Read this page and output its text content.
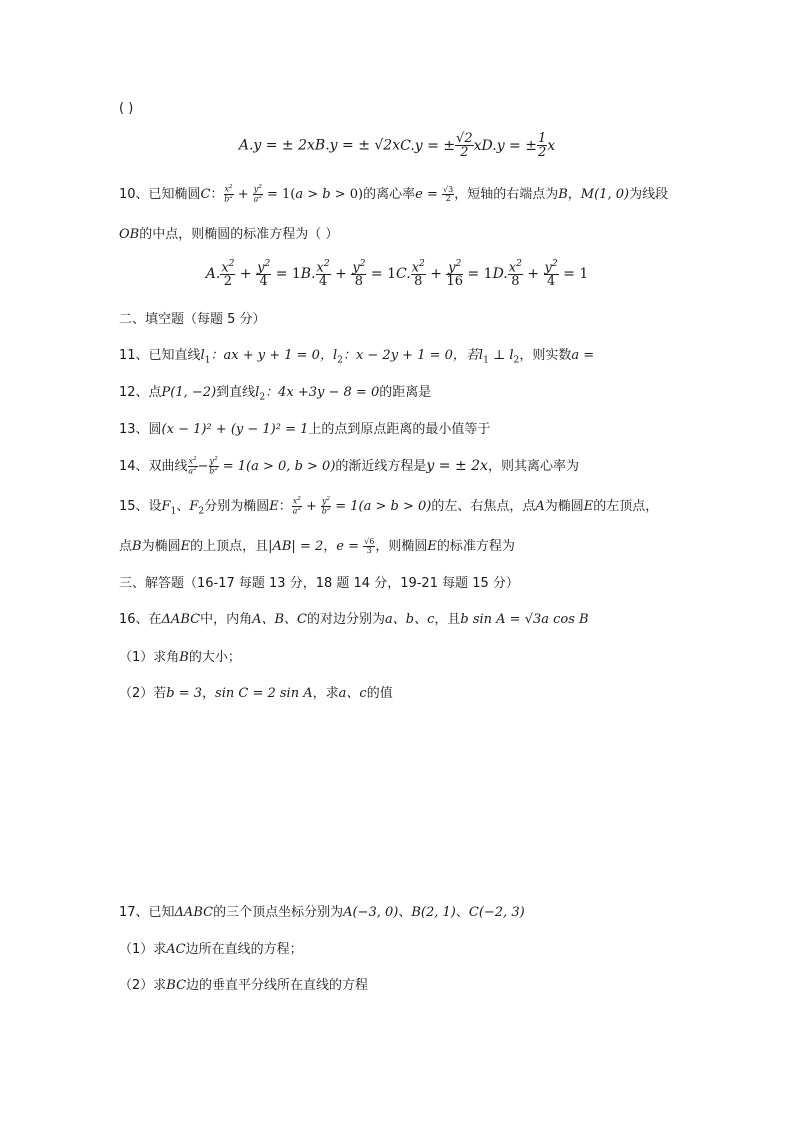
( )
A.y = ± 2xB.y = ± √2xC.y = ± $\frac{√2}{2} xD.y$ = ± $\frac{1}{2}$ x
10、已知椭圆C： $\frac{x^2}{b^2} + \frac{y^2}{a^2} = 1(a > b > 0)$的离心率$e = \frac{√3}{2}$ ，短轴的右端点为B，M(1, 0)为线段
OB的中点，则椭圆的标准方程为（ ）
A. $\frac{x^2}{2} + \frac{y^2}{4} = 1B$. $\frac{x^2}{4} + \frac{y^2}{8} = 1C$. $\frac{x^2}{8} + \frac{y^2}{16} = 1D$. $\frac{x^2}{8} + \frac{y^2}{4} = 1$
二、填空题（每题 5 分）
11、已知直线$l_1$：ax + y + 1 = 0，$l_2$：x − 2y + 1 = 0，若$l_1$ ⊥ $l_2$，则实数a =
12、点P(1, −2)到直线$l_2$：4x +3y − 8 = 0的距离是
13、圆(x − 1)² + (y − 1)² = 1上的点到原点距离的最小值等于
14、双曲线 $\frac{x^2}{a^2} - \frac{y^2}{b^2} = 1(a > 0$, b > 0)的渐近线方程是y = ± 2x，则其离心率为
15、设$F_1$、$F_2$分别为椭圆E： $\frac{x^2}{a^2} + \frac{y^2}{b^2} = 1(a > b > 0)$的左、右焦点，点A为椭圆E的左顶点，
点B为椭圆E的上顶点，且|AB| = 2，$e = \frac{√6}{3}$ ，则椭圆E的标准方程为
三、解答题（16-17 每题 13 分，18 题 14 分，19-21 每题 15 分）
16、在ΔABC中，内角A、B、C的对边分别为a、b、c，且b sin A = √3a cos B
（1）求角B的大小；
（2）若b = 3，sin C = 2 sin A，求a、c的值
17、已知ΔABC的三个顶点坐标分别为A(−3, 0)、B(2, 1)、C(−2, 3)
（1）求AC边所在直线的方程；
（2）求BC边的垂直平分线所在直线的方程
